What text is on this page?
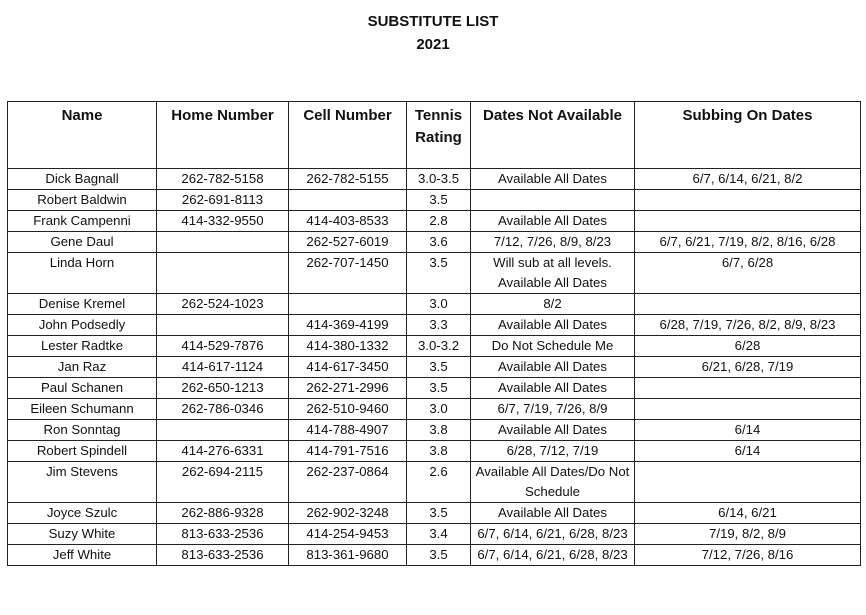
SUBSTITUTE LIST
2021
Name	Home Number	Cell Number	Tennis Rating	Dates Not Available	Subbing On Dates
Dick Bagnall	262-782-5158	262-782-5155	3.0-3.5	Available All Dates	6/7, 6/14, 6/21, 8/2
Robert Baldwin	262-691-8113		3.5		
Frank Campenni	414-332-9550	414-403-8533	2.8	Available All Dates	
Gene Daul		262-527-6019	3.6	7/12, 7/26, 8/9, 8/23	6/7, 6/21, 7/19, 8/2, 8/16, 6/28
Linda Horn		262-707-1450	3.5	Will sub at all levels. Available All Dates	6/7, 6/28
Denise Kremel	262-524-1023		3.0	8/2	
John Podsedly		414-369-4199	3.3	Available All Dates	6/28, 7/19, 7/26, 8/2, 8/9, 8/23
Lester Radtke	414-529-7876	414-380-1332	3.0-3.2	Do Not Schedule Me	6/28
Jan Raz	414-617-1124	414-617-3450	3.5	Available All Dates	6/21, 6/28, 7/19
Paul Schanen	262-650-1213	262-271-2996	3.5	Available All Dates	
Eileen Schumann	262-786-0346	262-510-9460	3.0	6/7, 7/19, 7/26, 8/9	
Ron Sonntag		414-788-4907	3.8	Available All Dates	6/14
Robert Spindell	414-276-6331	414-791-7516	3.8	6/28, 7/12, 7/19	6/14
Jim Stevens	262-694-2115	262-237-0864	2.6	Available All Dates/Do Not Schedule	
Joyce Szulc	262-886-9328	262-902-3248	3.5	Available All Dates	6/14, 6/21
Suzy White	813-633-2536	414-254-9453	3.4	6/7, 6/14, 6/21, 6/28, 8/23	7/19, 8/2, 8/9
Jeff White	813-633-2536	813-361-9680	3.5	6/7, 6/14, 6/21, 6/28, 8/23	7/12, 7/26, 8/16
